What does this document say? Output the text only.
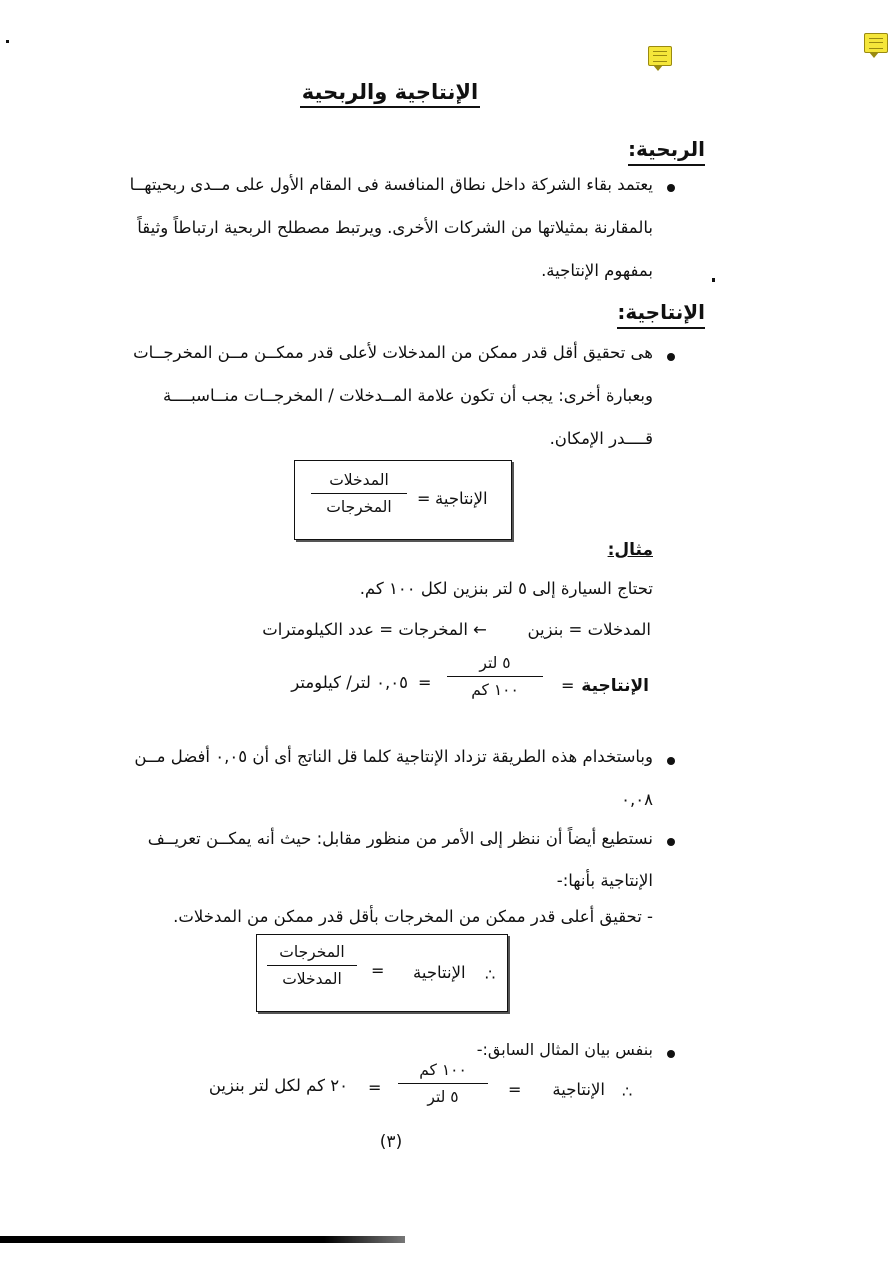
الإنتاجية والربحية
الربحية:
يعتمد بقاء الشركة داخل نطاق المنافسة فى المقام الأول على مــدى ربحيتهــا
بالمقارنة بمثيلاتها من الشركات الأخرى. ويرتبط مصطلح الربحية ارتباطاً وثيقاً
بمفهوم الإنتاجية.
الإنتاجية:
هى تحقيق أقل قدر ممكن من المدخلات لأعلى قدر ممكــن مــن المخرجــات
وبعبارة أخرى: يجب أن تكون علامة المــدخلات / المخرجــات منــاسبــــة
قــــدر الإمكان.
المدخلات
المخرجات	= الإنتاجية
مثال:
تحتاج السيارة إلى ٥ لتر بنزين لكل ١٠٠ كم.
المدخلات = بنزين
←
المخرجات = عدد الكيلومترات
الإنتاجية
=
٥ لتر
١٠٠ كم
=
٠,٠٥ لتر/ كيلومتر
وباستخدام هذه الطريقة تزداد الإنتاجية كلما قل الناتج أى أن ٠,٠٥ أفضل مــن
٠,٠٨
نستطيع أيضاً أن ننظر إلى الأمر من منظور مقابل: حيث أنه يمكــن تعريــف
الإنتاجية بأنها:-
- تحقيق أعلى قدر ممكن من المخرجات بأقل قدر ممكن من المدخلات.
المخرجات
المدخلات	= الإنتاجية ∴
بنفس بيان المثال السابق:-
∴
الإنتاجية
=
١٠٠ كم
٥ لتر
=
٢٠ كم لكل لتر بنزين
(٣)
